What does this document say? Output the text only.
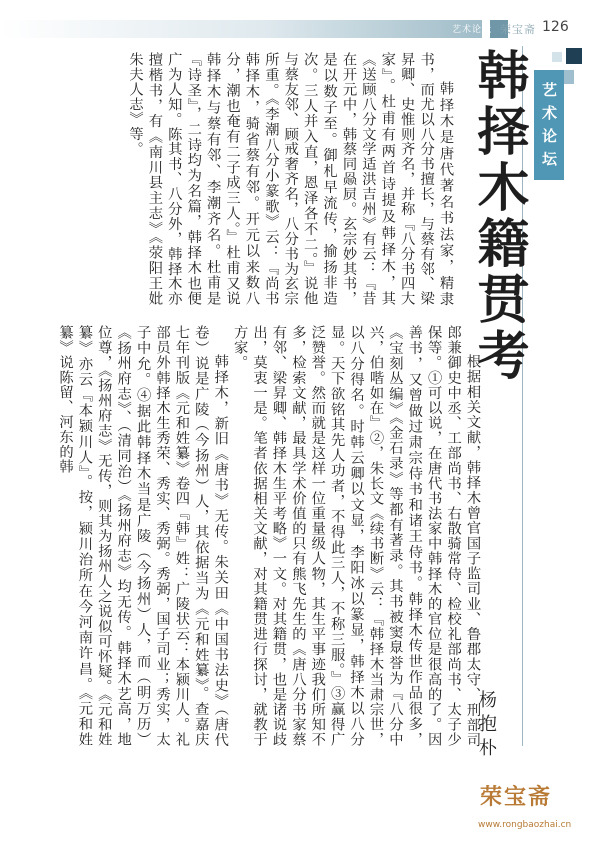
艺术论坛 荣宝斋 126
艺术论坛
韩择木籍贯考

韩择木是唐代著名书法家，精隶书，而尤以八分书擅长，与蔡有邻、梁昇卿、史惟则齐名，并称『八分书四大家』。杜甫有两首诗提及韩择木，其《送顾八分文学适洪吉州》有云：『昔在开元中，韩蔡同赑屃。玄宗妙其书，是以数子至。御札早流传，揄扬非造次。三人并入直，恩泽各不二。』说他与蔡友邻、顾戒奢齐名，八分书为玄宗所重。《李潮八分小篆歌》云：『尚书韩择木，骑省蔡有邻。开元以来数八分，潮也奄有二子成三人。』杜甫又说韩择木与蔡有邻、李潮齐名。杜甫是『诗圣』，二诗均为名篇，韩择木也便广为人知。陈其书、八分外，韩择木亦擅楷书，有《南川县主志》《荥阳王妣朱夫人志》等。

根据相关文献，韩择木曾官国子监司业、鲁郡太守、刑部司郎兼御史中丞、工部尚书、右散骑常侍、检校礼部尚书、太子少保等。①可以说，在唐代书法家中韩择木的官位是很高的了。因善书，又曾做过肃宗侍书和诸王侍书。韩择木传世作品很多，《宝刻丛编》《金石录》等都有著录。其书被窦臮誉为『八分中兴，伯喈如在』②，朱长文《续书断》云：『韩择木当肃宗世，以八分得名。时韩云卿以文显，李阳冰以篆显，韩择木以八分显。天下欲铭其先人功者，不得此三人，不称三服。』③赢得广泛赞誉。然而就是这样一位重量级人物，其生平事迹我们所知不多，检索文献，最具学术价值的只有熊飞先生的《唐八分书家蔡有邻、梁昇卿、韩择木生平考略》一文。对其籍贯，也是诸说歧出，莫衷一是。笔者依据相关文献，对其籍贯进行探讨，就教于方家。

韩择木，新旧《唐书》无传。朱关田《中国书法史》（唐代卷）说是广陵（今扬州）人，其依据当为《元和姓纂》。查嘉庆七年刊版《元和姓纂》卷四『韩』姓：广陵状云：本颍川人。礼部员外韩择木生秀荣、秀实、秀弼。秀弼，国子司业；秀实，太子中允。④据此韩择木当是广陵（今扬州）人，而（明万历）《扬州府志》、（清同治）《扬州府志》均无传。韩择木艺高，地位尊，《扬州府志》无传，则其为扬州人之说似可怀疑。《元和姓纂》亦云『本颍川人』。按，颍川治所在今河南许昌。《元和姓纂》说陈留、河东的韩

杨抱朴
荣宝斋
www.rongbaozhai.cn
